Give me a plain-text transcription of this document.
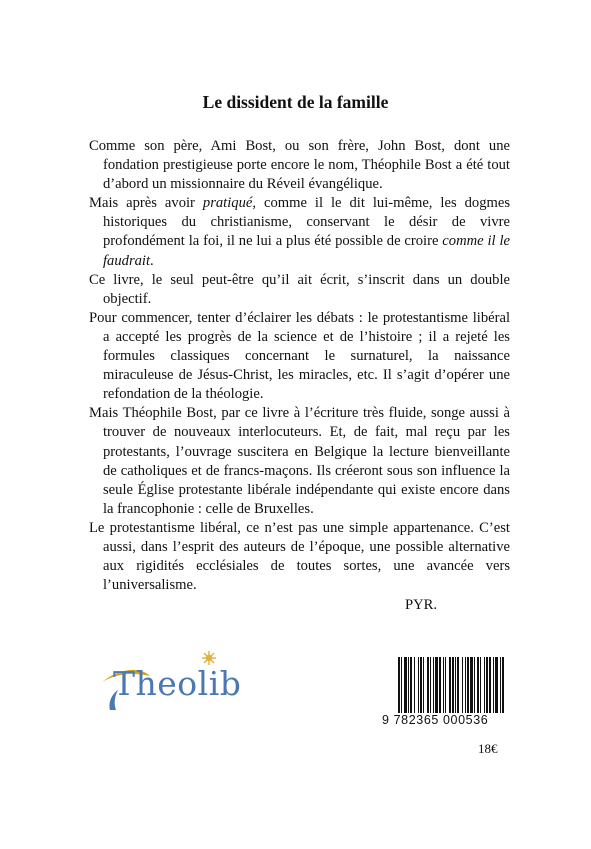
Le dissident de la famille

Comme son père, Ami Bost, ou son frère, John Bost, dont une fondation prestigieuse porte encore le nom, Théophile Bost a été tout d’abord un missionnaire du Réveil évangélique.

Mais après avoir pratiqué, comme il le dit lui-même, les dogmes historiques du christianisme, conservant le désir de vivre profondément la foi, il ne lui a plus été possible de croire comme il le faudrait.

Ce livre, le seul peut-être qu’il ait écrit, s’inscrit dans un double objectif.

Pour commencer, tenter d’éclairer les débats : le protestantisme libéral a accepté les progrès de la science et de l’histoire ; il a rejeté les formules classiques concernant le surnaturel, la naissance miraculeuse de Jésus-Christ, les miracles, etc. Il s’agit d’opérer une refondation de la théologie.

Mais Théophile Bost, par ce livre à l’écriture très fluide, songe aussi à trouver de nouveaux interlocuteurs. Et, de fait, mal reçu par les protestants, l’ouvrage suscitera en Belgique la lecture bienveillante de catholiques et de francs-maçons. Ils créeront sous son influence la seule Église protestante libérale indépendante qui existe encore dans la francophonie : celle de Bruxelles.

Le protestantisme libéral, ce n’est pas une simple appartenance. C’est aussi, dans l’esprit des auteurs de l’époque, une possible alternative aux rigidités ecclésiales de toutes sortes, une avancée vers l’universalisme.

PYR.
Theolib
9 782365 000536
18€
